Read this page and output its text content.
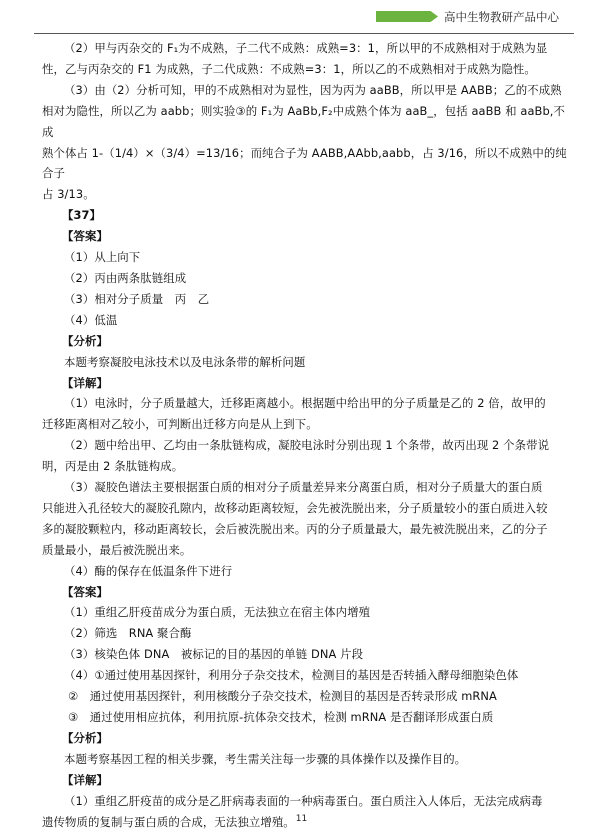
高中生物教研产品中心

（2）甲与丙杂交的 F₁为不成熟，子二代不成熟：成熟=3：1，所以甲的不成熟相对于成熟为显

性，乙与丙杂交的 F1 为成熟，子二代成熟：不成熟=3：1，所以乙的不成熟相对于成熟为隐性。

（3）由（2）分析可知，甲的不成熟相对为显性，因为丙为 aaBB，所以甲是 AABB；乙的不成熟

相对为隐性，所以乙为 aabb；则实验③的 F₁为 AaBb,F₂中成熟个体为 aaB_，包括 aaBB 和 aaBb,不成

熟个体占 1-（1/4）×（3/4）=13/16；而纯合子为 AABB,AAbb,aabb，占 3/16，所以不成熟中的纯合子

占 3/13。

【37】

【答案】

（1）从上向下

（2）丙由两条肽链组成

（3）相对分子质量　丙　乙

（4）低温

【分析】

本题考察凝胶电泳技术以及电泳条带的解析问题

【详解】

（1）电泳时，分子质量越大，迁移距离越小。根据题中给出甲的分子质量是乙的 2 倍，故甲的

迁移距离相对乙较小，可判断出迁移方向是从上到下。

（2）题中给出甲、乙均由一条肽链构成，凝胶电泳时分别出现 1 个条带，故丙出现 2 个条带说

明，丙是由 2 条肽链构成。

（3）凝胶色谱法主要根据蛋白质的相对分子质量差异来分离蛋白质，相对分子质量大的蛋白质

只能进入孔径较大的凝胶孔隙内，故移动距离较短，会先被洗脱出来，分子质量较小的蛋白质进入较

多的凝胶颗粒内，移动距离较长，会后被洗脱出来。丙的分子质量最大，最先被洗脱出来，乙的分子

质量最小，最后被洗脱出来。

（4）酶的保存在低温条件下进行

【答案】

（1）重组乙肝疫苗成分为蛋白质，无法独立在宿主体内增殖

（2）筛选　RNA 聚合酶

（3）核染色体 DNA　被标记的目的基因的单链 DNA 片段

（4）①通过使用基因探针，利用分子杂交技术，检测目的基因是否转插入酵母细胞染色体

②　通过使用基因探针，利用核酸分子杂交技术，检测目的基因是否转录形成 mRNA

③　通过使用相应抗体，利用抗原-抗体杂交技术，检测 mRNA 是否翻译形成蛋白质

【分析】

本题考察基因工程的相关步骤，考生需关注每一步骤的具体操作以及操作目的。

【详解】

（1）重组乙肝疫苗的成分是乙肝病毒表面的一种病毒蛋白。蛋白质注入人体后，无法完成病毒

遗传物质的复制与蛋白质的合成，无法独立增殖。 11
